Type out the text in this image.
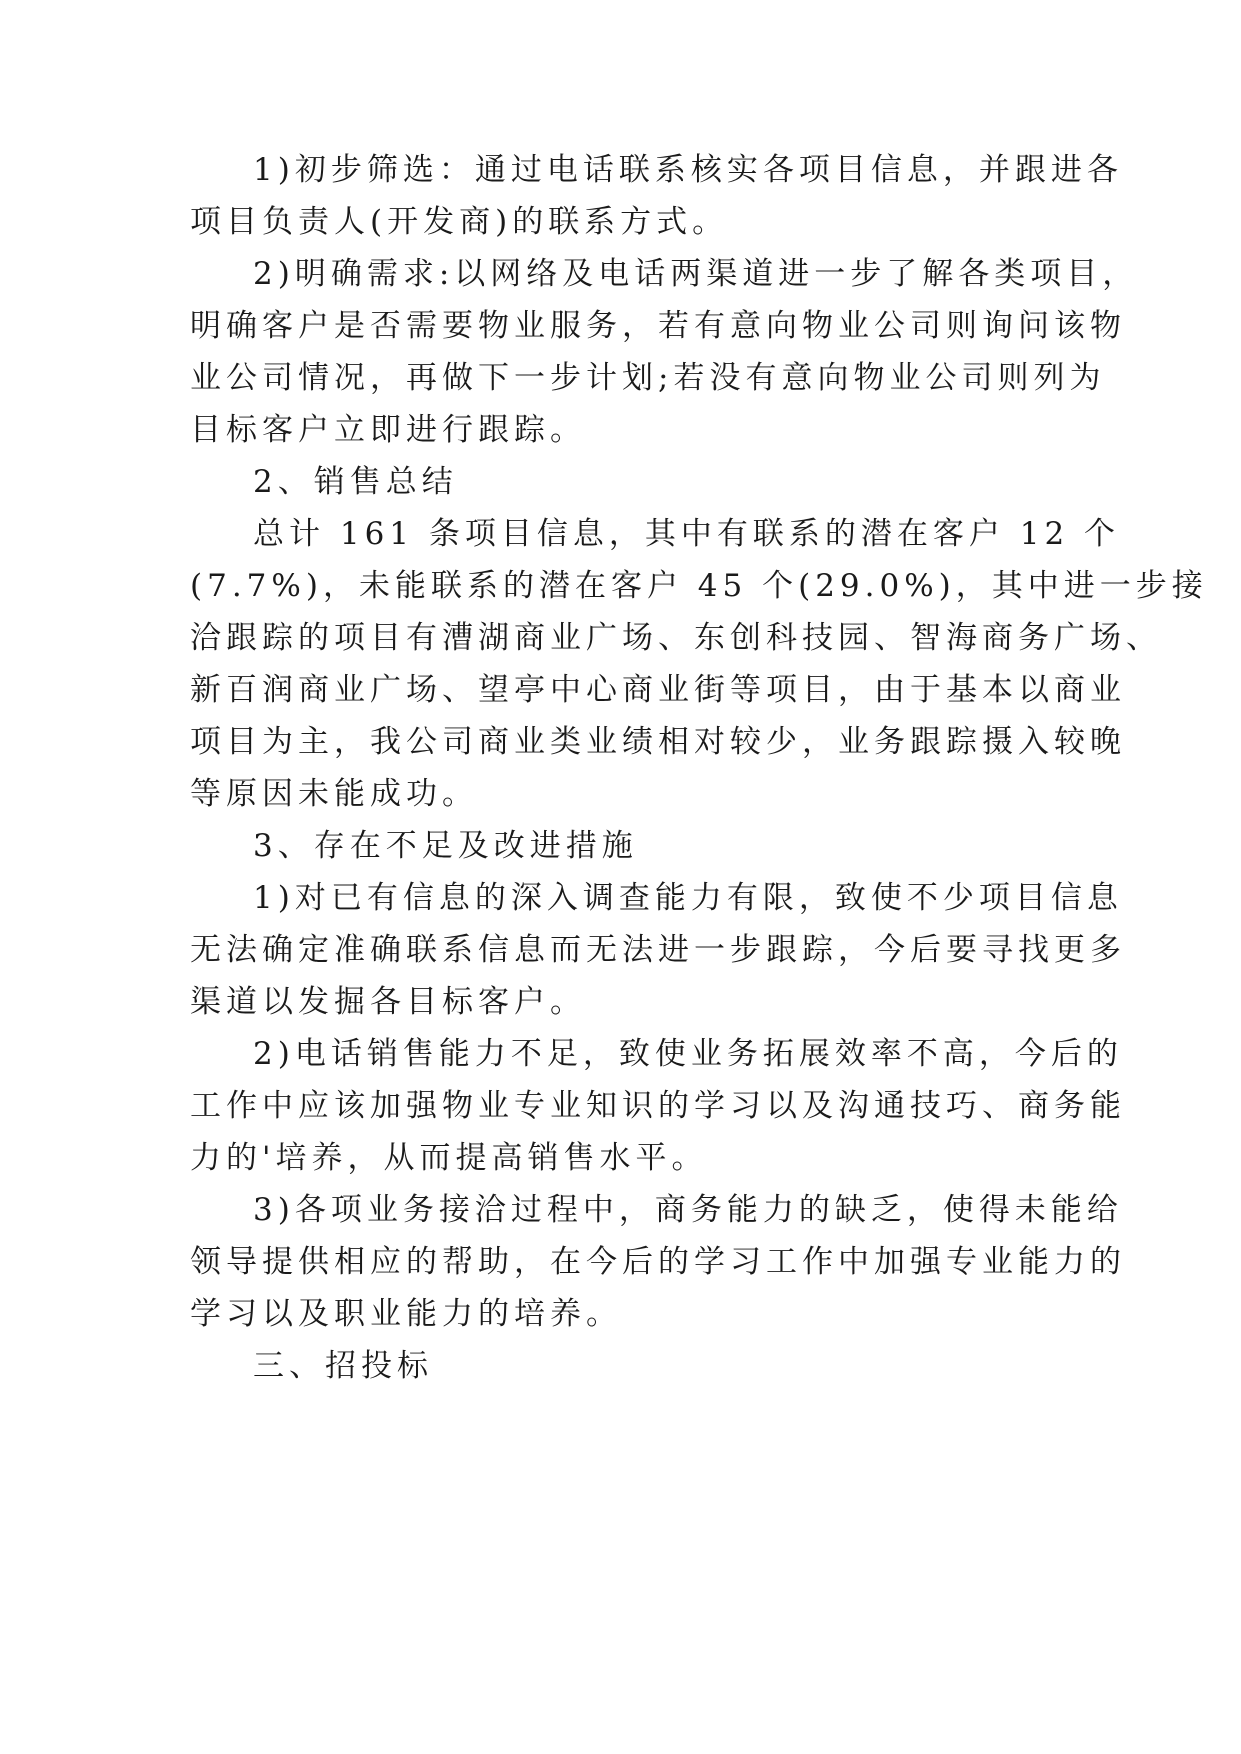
1)初步筛选：通过电话联系核实各项目信息，并跟进各
项目负责人(开发商)的联系方式。
2)明确需求:以网络及电话两渠道进一步了解各类项目，
明确客户是否需要物业服务，若有意向物业公司则询问该物
业公司情况，再做下一步计划;若没有意向物业公司则列为
目标客户立即进行跟踪。
2、销售总结
总计 161 条项目信息，其中有联系的潜在客户 12 个
(7.7%)，未能联系的潜在客户 45 个(29.0%)，其中进一步接
洽跟踪的项目有漕湖商业广场、东创科技园、智海商务广场、
新百润商业广场、望亭中心商业街等项目，由于基本以商业
项目为主，我公司商业类业绩相对较少，业务跟踪摄入较晚
等原因未能成功。
3、存在不足及改进措施
1)对已有信息的深入调查能力有限，致使不少项目信息
无法确定准确联系信息而无法进一步跟踪，今后要寻找更多
渠道以发掘各目标客户。
2)电话销售能力不足，致使业务拓展效率不高，今后的
工作中应该加强物业专业知识的学习以及沟通技巧、商务能
力的'培养，从而提高销售水平。
3)各项业务接洽过程中，商务能力的缺乏，使得未能给
领导提供相应的帮助，在今后的学习工作中加强专业能力的
学习以及职业能力的培养。
三、招投标
